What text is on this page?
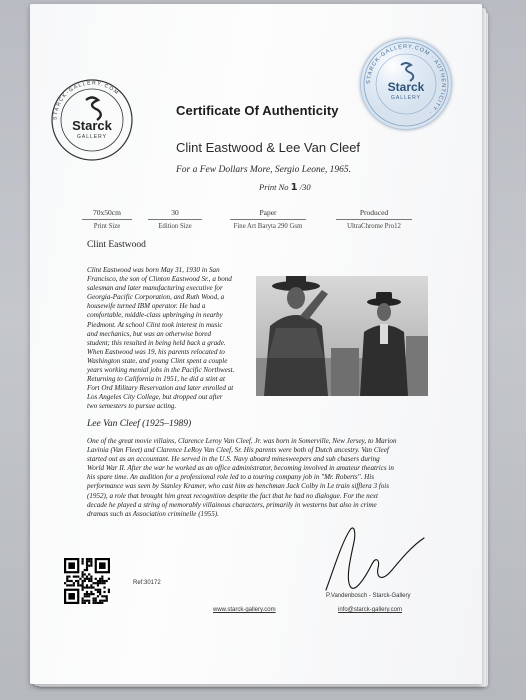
STARCK-GALLERY.COM
Starck
GALLERY
Certificate Of Authenticity
STARCK-GALLERY.COM · AUTHENTICITY ·
Starck
GALLERY
Clint Eastwood & Lee Van Cleef
For a Few Dollars More, Sergio Leone, 1965.
Print No 1 /30
70x50cm
Print Size
30
Edition Size
Paper
Fine Art Baryta 290 Gsm
Produced
UltraChrome Pro12
Clint Eastwood
Clint Eastwood was born May 31, 1930 in San
Francisco, the son of Clinton Eastwood Sr., a bond
salesman and later manufacturing executive for
Georgia-Pacific Corporation, and Ruth Wood, a
housewife turned IBM operator. He had a
comfortable, middle-class upbringing in nearby
Piedmont. At school Clint took interest in music
and mechanics, but was an otherwise bored
student; this resulted in being held back a grade.
When Eastwood was 19, his parents relocated to
Washington state, and young Clint spent a couple
years working menial jobs in the Pacific Northwest.
Returning to California in 1951, he did a stint at
Fort Ord Military Reservation and later enrolled at
Los Angeles City College, but dropped out after
two semesters to pursue acting.
Lee Van Cleef (1925–1989)
One of the great movie villains, Clarence Leroy Van Cleef, Jr. was born in Somerville, New Jersey, to Marion
Lavinia (Van Fleet) and Clarence LeRoy Van Cleef, Sr. His parents were both of Dutch ancestry. Van Cleef
started out as an accountant. He served in the U.S. Navy aboard minesweepers and sub chasers during
World War II. After the war he worked as an office administrator, becoming involved in amateur theatrics in
his spare time. An audition for a professional role led to a touring company job in "Mr. Roberts". His
performance was seen by Stanley Kramer, who cast him as henchman Jack Colby in Le train sifflera 3 fois
(1952), a role that brought him great recognition despite the fact that he had no dialogue. For the next
decade he played a string of memorably villainous characters, primarily in westerns but also in crime
dramas such as Association criminelle (1955).
Ref:30172
P.Vandenbosch - Starck-Gallery
www.starck-gallery.com	info@starck-gallery.com
